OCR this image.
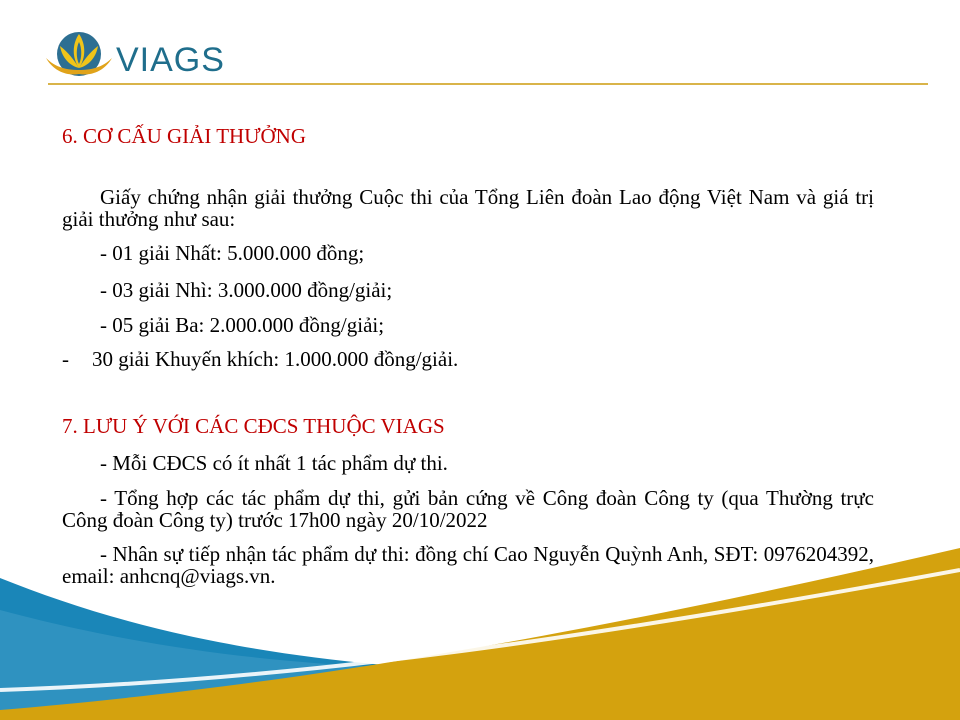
VIAGS

6. CƠ CẤU GIẢI THƯỞNG

Giấy chứng nhận giải thưởng Cuộc thi của Tổng Liên đoàn Lao động Việt Nam và giá trị giải thưởng như sau:

- 01 giải Nhất: 5.000.000 đồng;

- 03 giải Nhì: 3.000.000 đồng/giải;

- 05 giải Ba: 2.000.000 đồng/giải;

-	30 giải Khuyến khích: 1.000.000 đồng/giải.

7. LƯU Ý VỚI CÁC CĐCS THUỘC VIAGS

- Mỗi CĐCS có ít nhất 1 tác phẩm dự thi.

- Tổng hợp các tác phẩm dự thi, gửi bản cứng về Công đoàn Công ty (qua Thường trực Công đoàn Công ty) trước 17h00 ngày 20/10/2022

- Nhân sự tiếp nhận tác phẩm dự thi: đồng chí Cao Nguyễn Quỳnh Anh, SĐT: 0976204392, email: anhcnq@viags.vn.
